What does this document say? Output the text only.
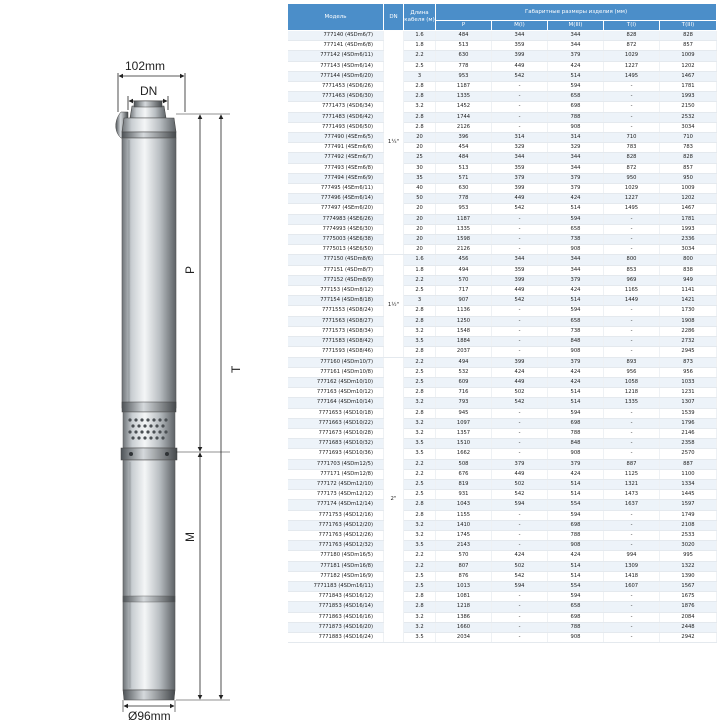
102mm
DN
P
T
M
Ø96mm
Модель	DN	Длина кабеля (м)	Габаритные размеры изделия (мм)				
			P	M(I)	M(III)	T(I)	T(III)
777140 (4SDm6/7)	1¼"	1.6	484	344	344	828	828
777141 (4SDm6/8)		1.8	513	359	344	872	857
777142 (4SDm6/11)		2.2	630	399	379	1029	1009
777143 (4SDm6/14)		2.5	778	449	424	1227	1202
777144 (4SDm6/20)		3	953	542	514	1495	1467
7771453 (4SD6/26)		2.8	1187	-	594	-	1781
7771463 (4SD6/30)		2.8	1335	-	658	-	1993
7771473 (4SD6/34)		3.2	1452	-	698	-	2150
7771483 (4SD6/42)		2.8	1744	-	788	-	2532
7771493 (4SD6/50)		2.8	2126	-	908	-	3034
777490 (4SEm6/5)		20	396	314	314	710	710
777491 (4SEm6/6)		20	454	329	329	783	783
777492 (4SEm6/7)		25	484	344	344	828	828
777493 (4SEm6/8)		30	513	359	344	872	857
777494 (4SEm6/9)		35	571	379	379	950	950
777495 (4SEm6/11)		40	630	399	379	1029	1009
777496 (4SEm6/14)		50	778	449	424	1227	1202
777497 (4SEm6/20)		20	953	542	514	1495	1467
7774983 (4SE6/26)		20	1187	-	594	-	1781
7774993 (4SE6/30)		20	1335	-	658	-	1993
7775003 (4SE6/38)		20	1598	-	738	-	2336
7775013 (4SE6/50)		20	2126	-	908	-	3034
777150 (4SDm8/6)	1½"	1.6	456	344	344	800	800
777151 (4SDm8/7)		1.8	494	359	344	853	838
777152 (4SDm8/9)		2.2	570	399	379	969	949
777153 (4SDm8/12)		2.5	717	449	424	1165	1141
777154 (4SDm8/18)		3	907	542	514	1449	1421
7771553 (4SD8/24)		2.8	1136	-	594	-	1730
7771563 (4SD8/27)		2.8	1250	-	658	-	1908
7771573 (4SD8/34)		3.2	1548	-	738	-	2286
7771583 (4SD8/42)		3.5	1884	-	848	-	2732
7771593 (4SD8/46)		2.8	2037	-	908	-	2945
777160 (4SDm10/7)	2"	2.2	494	399	379	893	873
777161 (4SDm10/8)		2.5	532	424	424	956	956
777162 (4SDm10/10)		2.5	609	449	424	1058	1033
777163 (4SDm10/12)		2.8	716	502	514	1218	1231
777164 (4SDm10/14)		3.2	793	542	514	1335	1307
7771653 (4SD10/18)		2.8	945	-	594	-	1539
7771663 (4SD10/22)		3.2	1097	-	698	-	1796
7771673 (4SD10/28)		3.2	1357	-	788	-	2146
7771683 (4SD10/32)		3.5	1510	-	848	-	2358
7771693 (4SD10/36)		3.5	1662	-	908	-	2570
7771703 (4SDm12/5)		2.2	508	379	379	887	887
777171 (4SDm12/8)		2.2	676	449	424	1125	1100
777172 (4SDm12/10)		2.5	819	502	514	1321	1334
777173 (4SDm12/12)		2.5	931	542	514	1473	1445
777174 (4SDm12/14)		2.8	1043	594	554	1637	1597
7771753 (4SD12/16)		2.8	1155	-	594	-	1749
7771763 (4SD12/20)		3.2	1410	-	698	-	2108
7771763 (4SD12/26)		3.2	1745	-	788	-	2533
7771763 (4SD12/32)		3.5	2143	-	908	-	3020
777180 (4SDm16/5)		2.2	570	424	424	994	995
777181 (4SDm16/8)		2.2	807	502	514	1309	1322
777182 (4SDm16/9)		2.5	876	542	514	1418	1390
7771183 (4SDm16/11)		2.5	1013	594	554	1607	1567
7771843 (4SD16/12)		2.8	1081	-	594	-	1675
7771853 (4SD16/14)		2.8	1218	-	658	-	1876
7771863 (4SD16/16)		3.2	1386	-	698	-	2084
7771873 (4SD16/20)		3.2	1660	-	788	-	2448
7771883 (4SD16/24)		3.5	2034	-	908	-	2942
